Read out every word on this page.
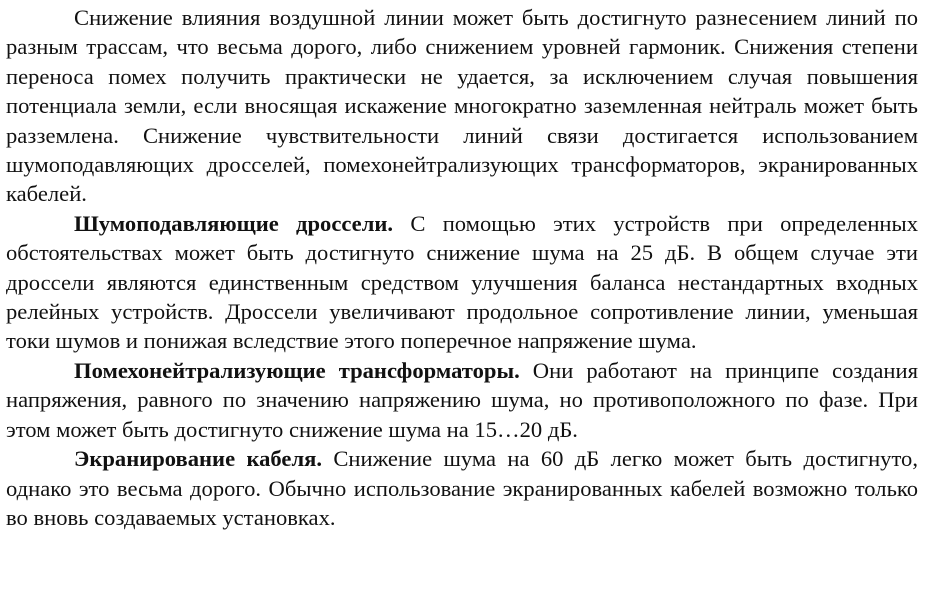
Снижение влияния воздушной линии может быть достигнуто разнесением линий по разным трассам, что весьма дорого, либо снижением уровней гармоник. Снижения степени переноса помех получить практически не удается, за исключением случая повышения потенциала земли, если вносящая искажение многократно заземленная нейтраль может быть разземлена. Снижение чувствительности линий связи достигается использованием шумоподавляющих дросселей, помехонейтрализующих трансформаторов, экранированных кабелей.

Шумоподавляющие дроссели. С помощью этих устройств при определенных обстоятельствах может быть достигнуто снижение шума на 25 дБ. В общем случае эти дроссели являются единственным средством улучшения баланса нестандартных входных релейных устройств. Дроссели увеличивают продольное сопротивление линии, уменьшая токи шумов и понижая вследствие этого поперечное напряжение шума.

Помехонейтрализующие трансформаторы. Они работают на принципе создания напряжения, равного по значению напряжению шума, но противоположного по фазе. При этом может быть достигнуто снижение шума на 15…20 дБ.

Экранирование кабеля. Снижение шума на 60 дБ легко может быть достигнуто, однако это весьма дорого. Обычно использование экранированных кабелей возможно только во вновь создаваемых установках.
